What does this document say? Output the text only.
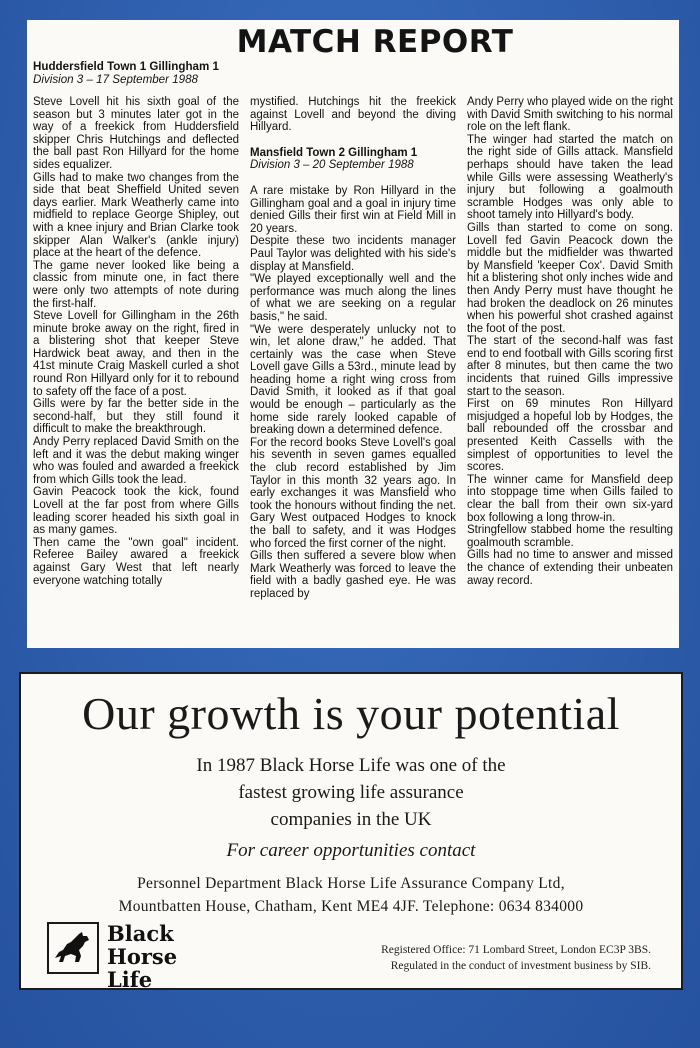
MATCH REPORT
Huddersfield Town 1 Gillingham 1
Division 3 – 17 September 1988

Steve Lovell hit his sixth goal of the season but 3 minutes later got in the way of a freekick from Huddersfield skipper Chris Hutchings and deflected the ball past Ron Hillyard for the home sides equalizer.

Gills had to make two changes from the side that beat Sheffield United seven days earlier. Mark Weatherly came into midfield to replace George Shipley, out with a knee injury and Brian Clarke took skipper Alan Walker's (ankle injury) place at the heart of the defence.

The game never looked like being a classic from minute one, in fact there were only two attempts of note during the first-half.

Steve Lovell for Gillingham in the 26th minute broke away on the right, fired in a blistering shot that keeper Steve Hardwick beat away, and then in the 41st minute Craig Maskell curled a shot round Ron Hillyard only for it to rebound to safety off the face of a post.

Gills were by far the better side in the second-half, but they still found it difficult to make the breakthrough.

Andy Perry replaced David Smith on the left and it was the debut making winger who was fouled and awarded a freekick from which Gills took the lead.

Gavin Peacock took the kick, found Lovell at the far post from where Gills leading scorer headed his sixth goal in as many games.

Then came the "own goal" incident. Referee Bailey awared a freekick against Gary West that left nearly everyone watching totally

mystified. Hutchings hit the freekick against Lovell and beyond the diving Hillyard.

Mansfield Town 2 Gillingham 1

Division 3 – 20 September 1988

A rare mistake by Ron Hillyard in the Gillingham goal and a goal in injury time denied Gills their first win at Field Mill in 20 years.

Despite these two incidents manager Paul Taylor was delighted with his side's display at Mansfield.

"We played exceptionally well and the performance was much along the lines of what we are seeking on a regular basis," he said.

"We were desperately unlucky not to win, let alone draw," he added. That certainly was the case when Steve Lovell gave Gills a 53rd., minute lead by heading home a right wing cross from David Smith, it looked as if that goal would be enough – particularly as the home side rarely looked capable of breaking down a determined defence.

For the record books Steve Lovell's goal his seventh in seven games equalled the club record established by Jim Taylor in this month 32 years ago. In early exchanges it was Mansfield who took the honours without finding the net. Gary West outpaced Hodges to knock the ball to safety, and it was Hodges who forced the first corner of the night.

Gills then suffered a severe blow when Mark Weatherly was forced to leave the field with a badly gashed eye. He was replaced by

Andy Perry who played wide on the right with David Smith switching to his normal role on the left flank.

The winger had started the match on the right side of Gills attack. Mansfield perhaps should have taken the lead while Gills were assessing Weatherly's injury but following a goalmouth scramble Hodges was only able to shoot tamely into Hillyard's body.

Gills than started to come on song. Lovell fed Gavin Peacock down the middle but the midfielder was thwarted by Mansfield 'keeper Cox'. David Smith hit a blistering shot only inches wide and then Andy Perry must have thought he had broken the deadlock on 26 minutes when his powerful shot crashed against the foot of the post.

The start of the second-half was fast end to end football with Gills scoring first after 8 minutes, but then came the two incidents that ruined Gills impressive start to the season.

First on 69 minutes Ron Hillyard misjudged a hopeful lob by Hodges, the ball rebounded off the crossbar and presented Keith Cassells with the simplest of opportunities to level the scores.

The winner came for Mansfield deep into stoppage time when Gills failed to clear the ball from their own six-yard box following a long throw-in.

Stringfellow stabbed home the resulting goalmouth scramble.

Gills had no time to answer and missed the chance of extending their unbeaten away record.

Our growth is your potential
In 1987 Black Horse Life was one of the
fastest growing life assurance
companies in the UK
For career opportunities contact
Personnel Department Black Horse Life Assurance Company Ltd,
Mountbatten House, Chatham, Kent ME4 4JF. Telephone: 0634 834000
Black Horse
Life
Registered Office: 71 Lombard Street, London EC3P 3BS.
Regulated in the conduct of investment business by SIB.
